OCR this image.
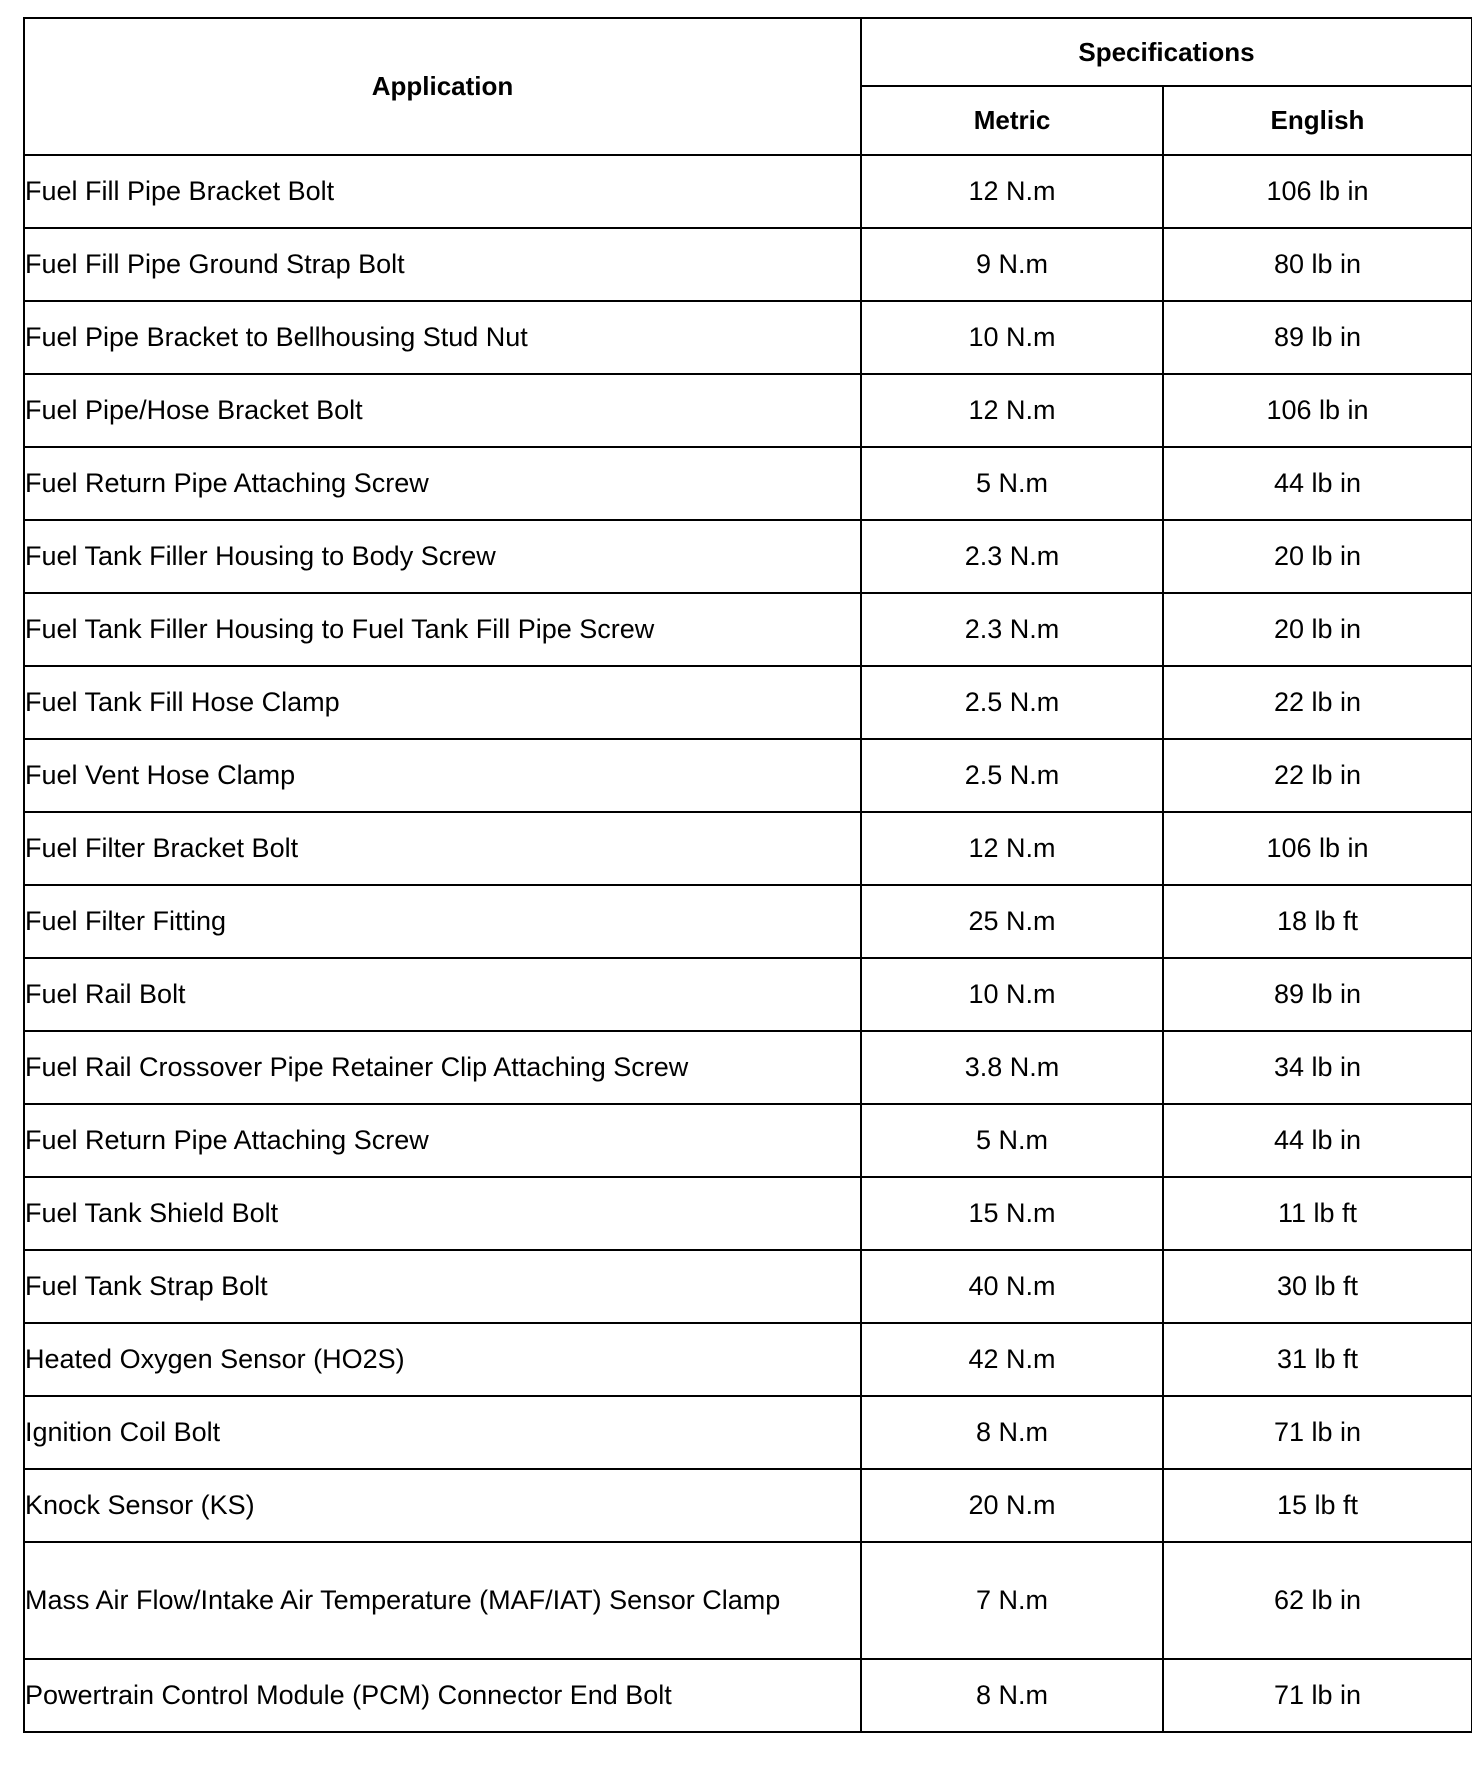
Application	Specifications	
	Metric	English
Fuel Fill Pipe Bracket Bolt	12 N.m	106 lb in
Fuel Fill Pipe Ground Strap Bolt	9 N.m	80 lb in
Fuel Pipe Bracket to Bellhousing Stud Nut	10 N.m	89 lb in
Fuel Pipe/Hose Bracket Bolt	12 N.m	106 lb in
Fuel Return Pipe Attaching Screw	5 N.m	44 lb in
Fuel Tank Filler Housing to Body Screw	2.3 N.m	20 lb in
Fuel Tank Filler Housing to Fuel Tank Fill Pipe Screw	2.3 N.m	20 lb in
Fuel Tank Fill Hose Clamp	2.5 N.m	22 lb in
Fuel Vent Hose Clamp	2.5 N.m	22 lb in
Fuel Filter Bracket Bolt	12 N.m	106 lb in
Fuel Filter Fitting	25 N.m	18 lb ft
Fuel Rail Bolt	10 N.m	89 lb in
Fuel Rail Crossover Pipe Retainer Clip Attaching Screw	3.8 N.m	34 lb in
Fuel Return Pipe Attaching Screw	5 N.m	44 lb in
Fuel Tank Shield Bolt	15 N.m	11 lb ft
Fuel Tank Strap Bolt	40 N.m	30 lb ft
Heated Oxygen Sensor (HO2S)	42 N.m	31 lb ft
Ignition Coil Bolt	8 N.m	71 lb in
Knock Sensor (KS)	20 N.m	15 lb ft
Mass Air Flow/Intake Air Temperature (MAF/IAT) Sensor Clamp	7 N.m	62 lb in
Powertrain Control Module (PCM) Connector End Bolt	8 N.m	71 lb in
